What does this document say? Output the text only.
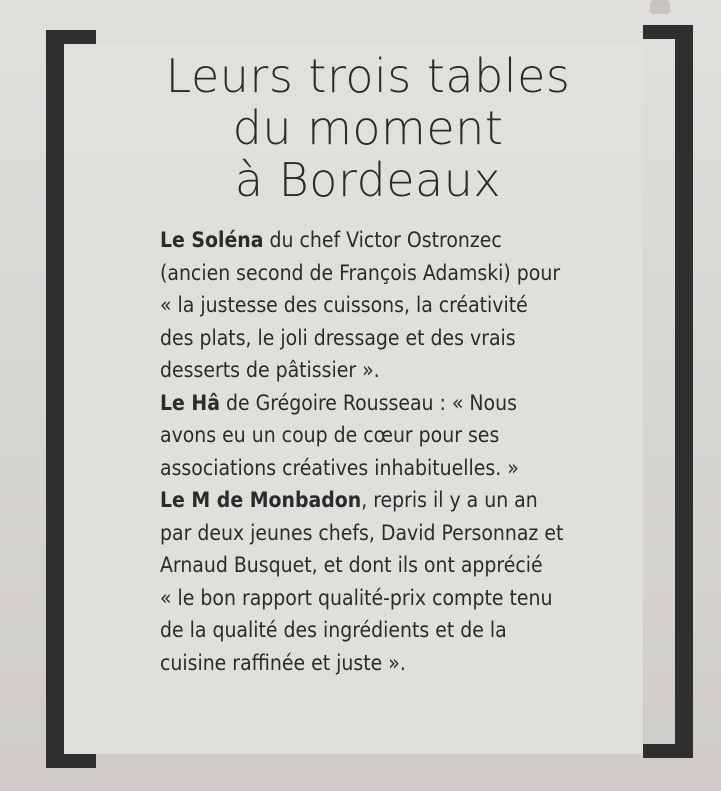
Leurs trois tables
du moment
à Bordeaux
Le Soléna du chef Victor Ostronzec
(ancien second de François Adamski) pour
« la justesse des cuissons, la créativité
des plats, le joli dressage et des vrais
desserts de pâtissier ».
Le Hâ de Grégoire Rousseau : « Nous
avons eu un coup de cœur pour ses
associations créatives inhabituelles. »
Le M de Monbadon, repris il y a un an
par deux jeunes chefs, David Personnaz et
Arnaud Busquet, et dont ils ont apprécié
« le bon rapport qualité-prix compte tenu
de la qualité des ingrédients et de la
cuisine raffinée et juste ».
